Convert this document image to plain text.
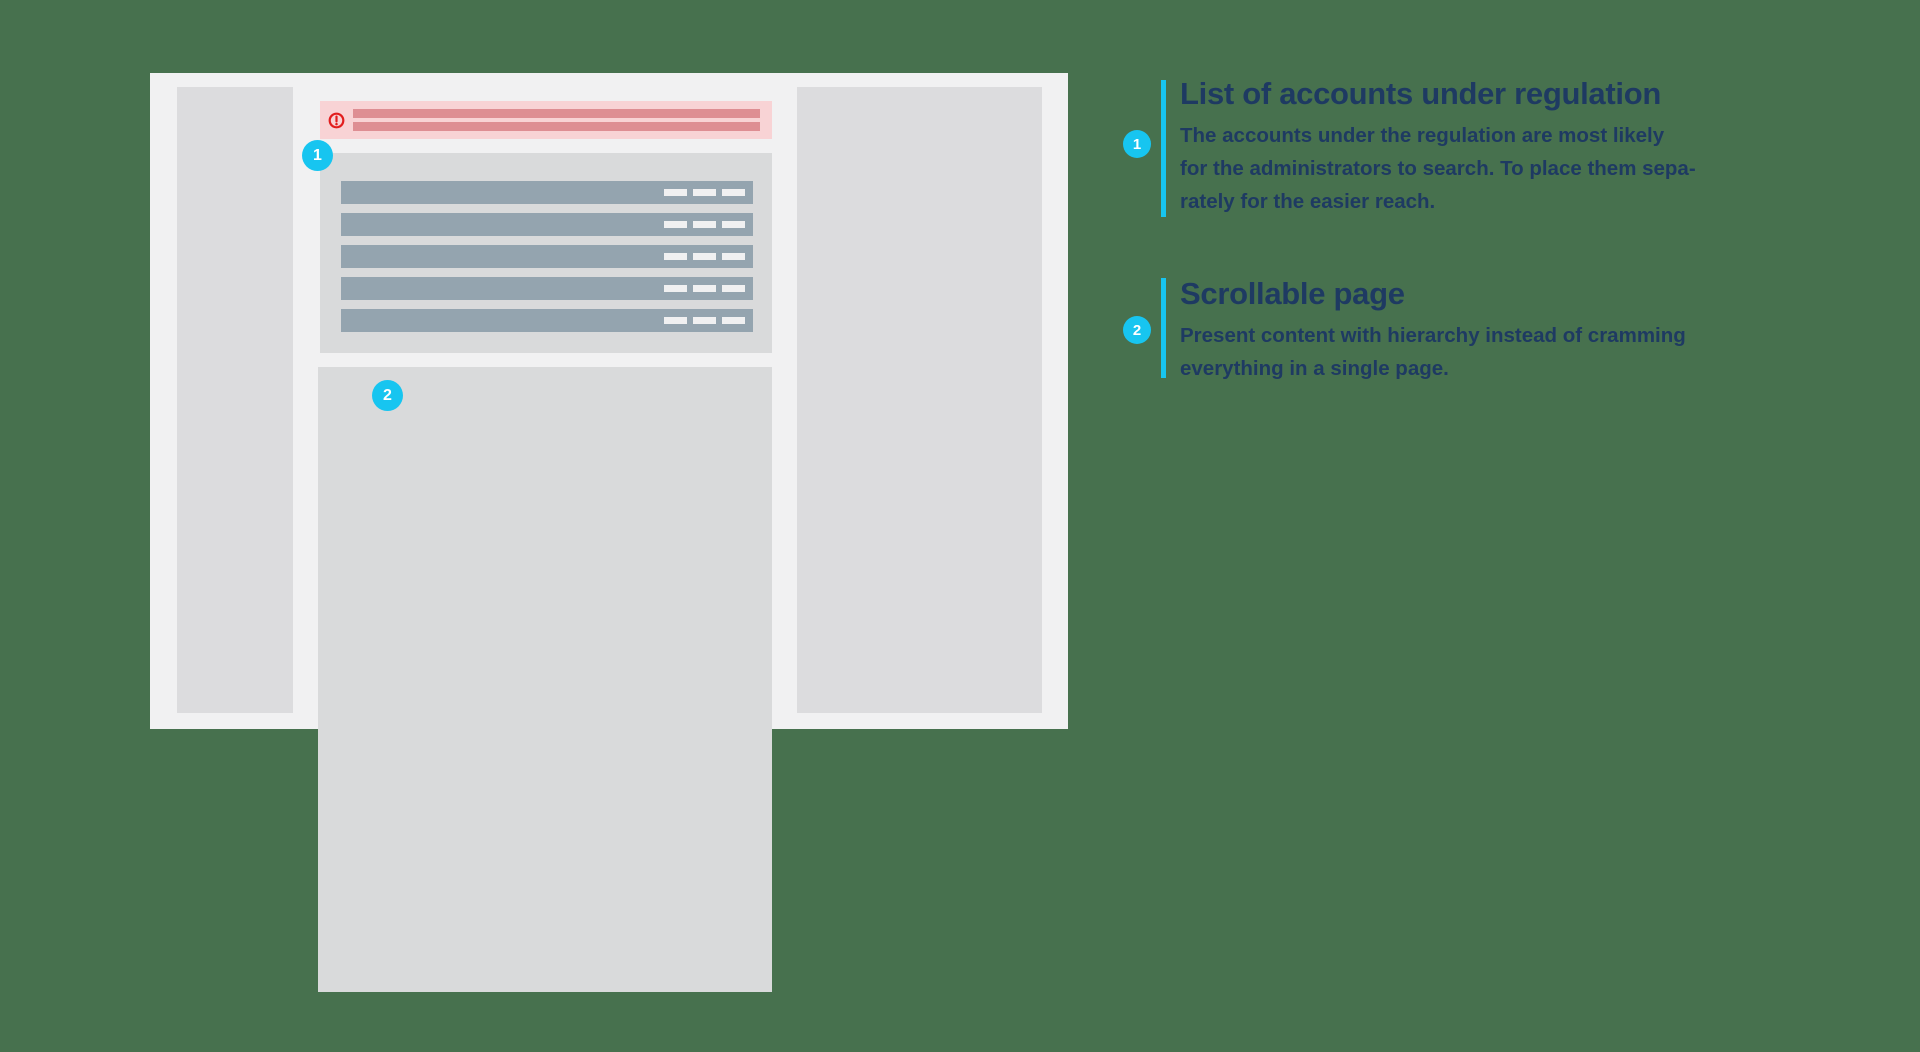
1
2
1
List of accounts under regulation
The accounts under the regulation are most likely
for the administrators to search. To place them sepa-
rately for the easier reach.
2
Scrollable page
Present content with hierarchy instead of cramming
everything in a single page.
